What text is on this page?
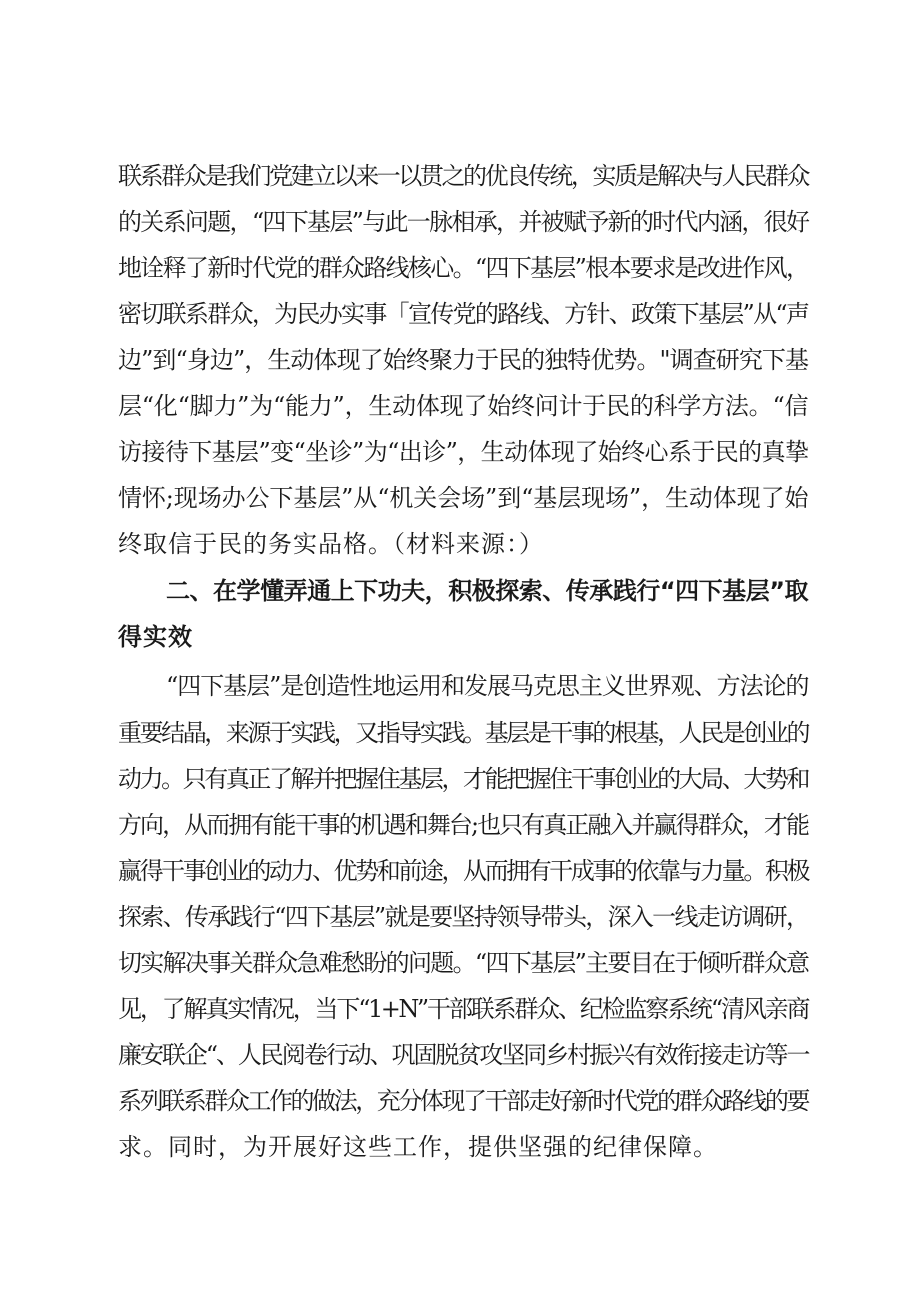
联系群众是我们党建立以来一以贯之的优良传统，实质是解决与人民群众
的关系问题，“四下基层”与此一脉相承，并被赋予新的时代内涵，很好
地诠释了新时代党的群众路线核心。“四下基层”根本要求是改进作风，
密切联系群众，为民办实事「宣传党的路线、方针、政策下基层”从“声
边”到“身边”，生动体现了始终聚力于民的独特优势。"调查研究下基
层“化“脚力”为“能力”，生动体现了始终问计于民的科学方法。“信
访接待下基层”变“坐诊”为“出诊”，生动体现了始终心系于民的真挚
情怀;现场办公下基层”从“机关会场”到“基层现场”，生动体现了始
终取信于民的务实品格。（材料来源：）
二、在学懂弄通上下功夫，积极探索、传承践行“四下基层”取
得实效
“四下基层”是创造性地运用和发展马克思主义世界观、方法论的
重要结晶，来源于实践，又指导实践。基层是干事的根基，人民是创业的
动力。只有真正了解并把握住基层，才能把握住干事创业的大局、大势和
方向，从而拥有能干事的机遇和舞台;也只有真正融入并赢得群众，才能
赢得干事创业的动力、优势和前途，从而拥有干成事的依靠与力量。积极
探索、传承践行“四下基层”就是要坚持领导带头，深入一线走访调研，
切实解决事关群众急难愁盼的问题。“四下基层”主要目在于倾听群众意
见，了解真实情况，当下“1+N”干部联系群众、纪检监察系统“清风亲商
廉安联企“、人民阅卷行动、巩固脱贫攻坚同乡村振兴有效衔接走访等一
系列联系群众工作的做法，充分体现了干部走好新时代党的群众路线的要
求。同时，为开展好这些工作，提供坚强的纪律保障。
